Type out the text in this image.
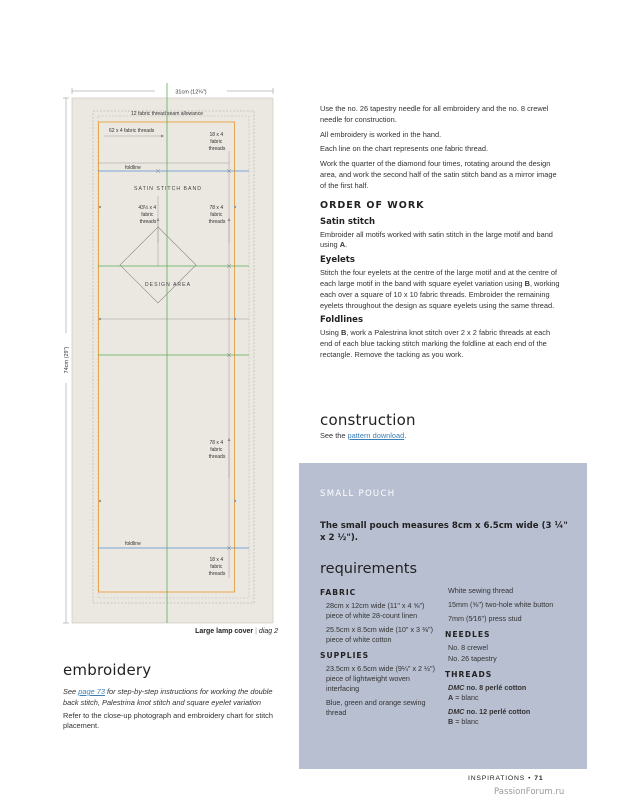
31cm (12¼")
74cm (29")
12 fabric thread seam allowance
62 x 4 fabric threads
18 x 4 fabric threads
foldline
SATIN STITCH BAND
43½ x 4 fabric threads
78 x 4 fabric threads
DESIGN AREA
78 x 4 fabric threads
foldline
18 x 4 fabric threads
Large lamp cover | diag 2
embroidery

See page 73 for step-by-step instructions for working the double back stitch, Palestrina knot stitch and square eyelet variation

Refer to the close-up photograph and embroidery chart for stitch placement.

Use the no. 26 tapestry needle for all embroidery and the no. 8 crewel needle for construction.

All embroidery is worked in the hand.

Each line on the chart represents one fabric thread.

Work the quarter of the diamond four times, rotating around the design area, and work the second half of the satin stitch band as a mirror image of the first half.

ORDER OF WORK
Satin stitch

Embroider all motifs worked with satin stitch in the large motif and band using A.

Eyelets

Stitch the four eyelets at the centre of the large motif and at the centre of each large motif in the band with square eyelet variation using B, working each over a square of 10 x 10 fabric threads. Embroider the remaining eyelets throughout the design as square eyelets using the same thread.

Foldlines

Using B, work a Palestrina knot stitch over 2 x 2 fabric threads at each end of each blue tacking stitch marking the foldline at each end of the rectangle. Remove the tacking as you work.

construction

See the pattern download.

SMALL POUCH
The small pouch measures 8cm x 6.5cm wide (3 ¼" x 2 ½").
requirements
FABRIC
28cm x 12cm wide (11" x 4 ⅝") piece of white 28-count linen
25.5cm x 8.5cm wide (10" x 3 ⅜") piece of white cotton
SUPPLIES
23.5cm x 6.5cm wide (9¼" x 2 ½") piece of lightweight woven interfacing
Blue, green and orange sewing thread
White sewing thread
15mm (⅝") two-hole white button
7mm (5⁄16") press stud
NEEDLES
No. 8 crewel
No. 26 tapestry
THREADS
DMC no. 8 perlé cotton
A = blanc
DMC no. 12 perlé cotton
B = blanc
INSPIRATIONS • 71
PassionForum.ru
